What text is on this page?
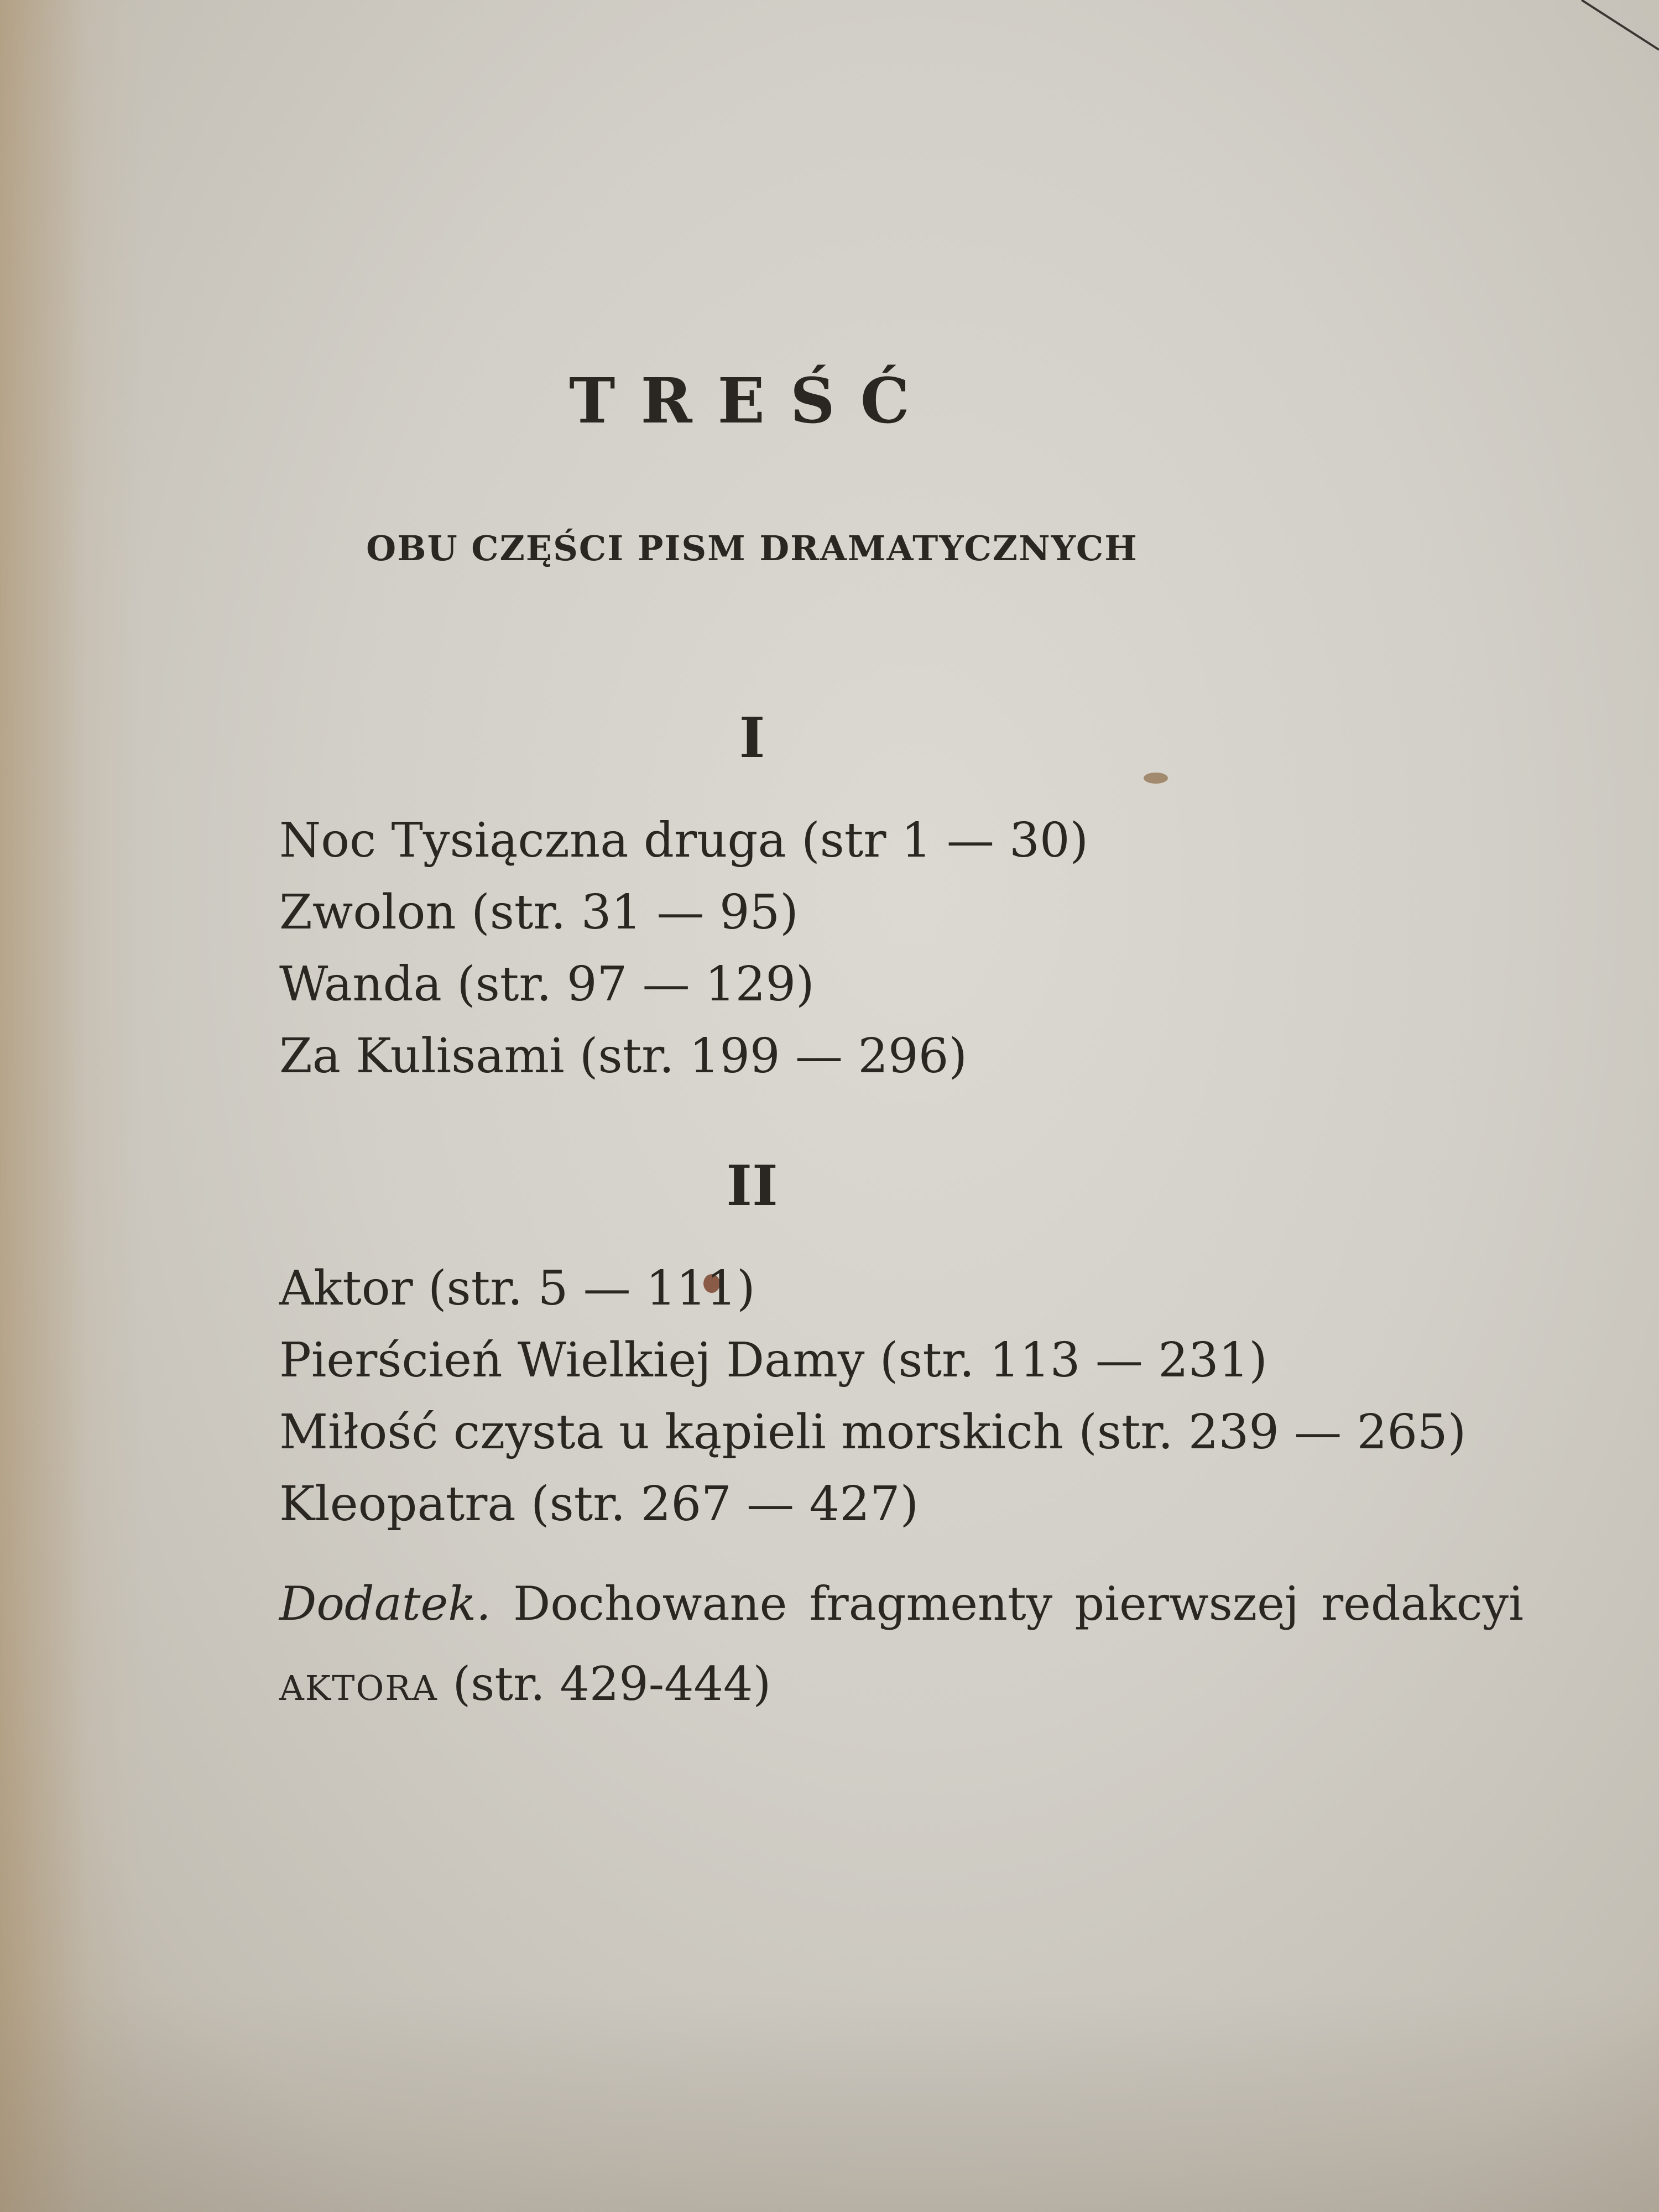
TREŚĆ
OBU CZĘŚCI PISM DRAMATYCZNYCH
I
Noc Tysiączna druga (str 1 — 30)
Zwolon (str. 31 — 95)
Wanda (str. 97 — 129)
Za Kulisami (str. 199 — 296)
II
Aktor (str. 5 — 111)
Pierścień Wielkiej Damy (str. 113 — 231)
Miłość czysta u kąpieli morskich (str. 239 — 265)
Kleopatra (str. 267 — 427)
Dodatek. Dochowane fragmenty pierwszej redakcyi
AKTORA (str. 429-444)
